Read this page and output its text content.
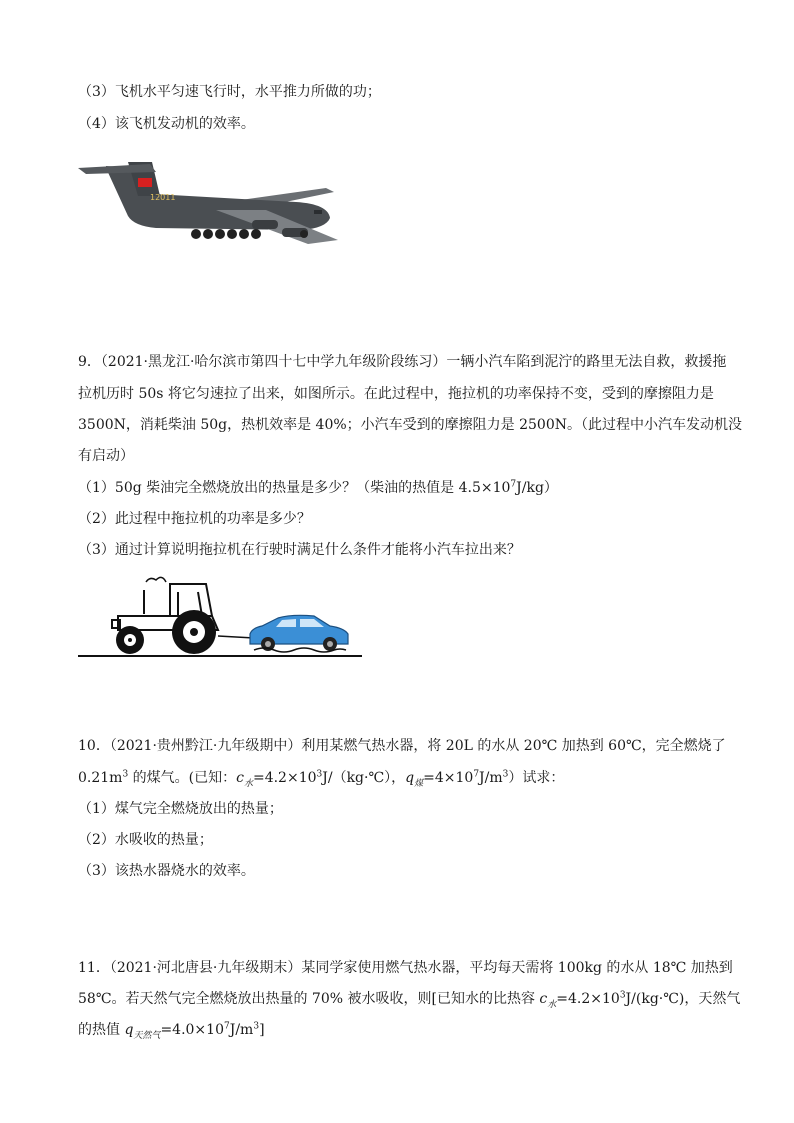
（3）飞机水平匀速飞行时，水平推力所做的功；
（4）该飞机发动机的效率。
12011
9．（2021·黑龙江·哈尔滨市第四十七中学九年级阶段练习）一辆小汽车陷到泥泞的路里无法自救，救援拖
拉机历时 50s 将它匀速拉了出来，如图所示。在此过程中，拖拉机的功率保持不变，受到的摩擦阻力是
3500N，消耗柴油 50g，热机效率是 40%；小汽车受到的摩擦阻力是 2500N。（此过程中小汽车发动机没
有启动）
（1）50g 柴油完全燃烧放出的热量是多少？（柴油的热值是 $4.5\times 10^7J/kg$）
（2）此过程中拖拉机的功率是多少？
（3）通过计算说明拖拉机在行驶时满足什么条件才能将小汽车拉出来？
10．（2021·贵州黔江·九年级期中）利用某燃气热水器，将 20L 的水从 20℃ 加热到 60℃，完全燃烧了
$0.21m^3$ 的煤气。(已知：$c_水=4.2\times 10^3J/(kg\cdot℃)$，$q_煤=4\times 10^7J/m^3$）试求：
（1）煤气完全燃烧放出的热量；
（2）水吸收的热量；
（3）该热水器烧水的效率。
11．（2021·河北唐县·九年级期末）某同学家使用燃气热水器，平均每天需将 100kg 的水从 18℃ 加热到
58℃。若天然气完全燃烧放出热量的 70% 被水吸收，则[已知水的比热容 $c_水=4.2\times 10^3J/(kg\cdot℃)$，天然气
的热值 $q_{天然气}=4.0\times 10^7J/m^3$]
